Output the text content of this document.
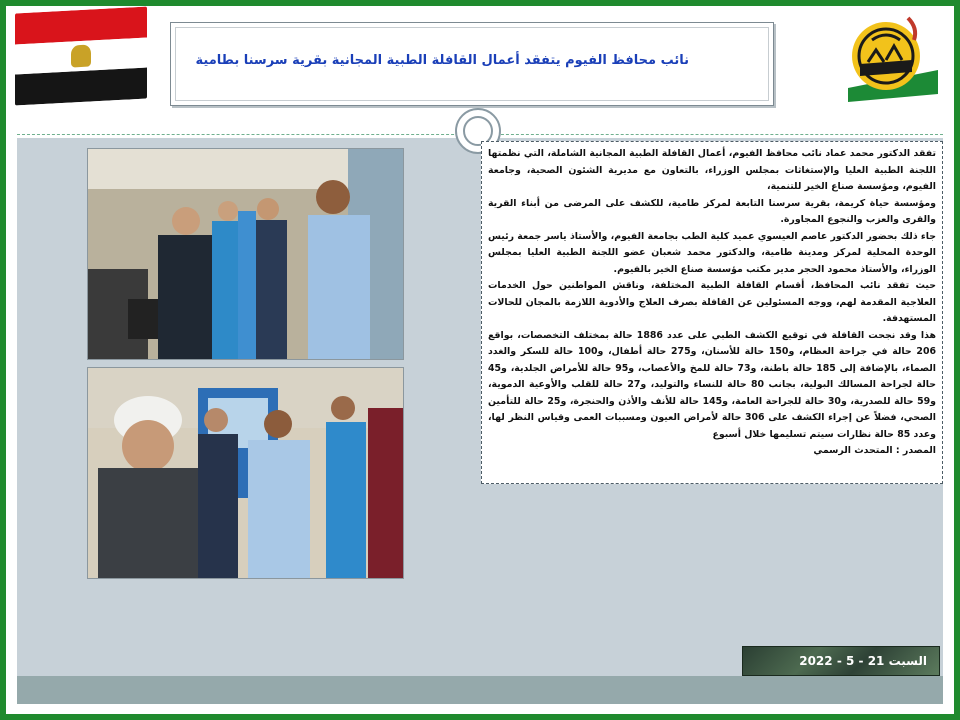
نائب محافظ الفيوم يتفقد أعمال القافلة الطبية المجانية بقرية سرسنا بطامية

تفقد الدكتور محمد عماد نائب محافظ الفيوم، أعمال القافلة الطبية المجانية الشاملة، التي نظمتها اللجنة الطبية العليا والإستغاثات بمجلس الوزراء، بالتعاون مع مديرية الشئون الصحية، وجامعة الفيوم، ومؤسسة صناع الخير للتنمية،

ومؤسسة حياة كريمة، بقرية سرسنا التابعة لمركز طامية، للكشف على المرضى من أبناء القرية والقرى والعزب والنجوع المجاورة.

جاء ذلك بحضور الدكتور عاصم العيسوي عميد كلية الطب بجامعة الفيوم، والأستاذ ياسر جمعة رئيس الوحدة المحلية لمركز ومدينة طامية، والدكتور محمد شعبان عضو اللجنة الطبية العليا بمجلس الوزراء، والأستاذ محمود الحجر مدير مكتب مؤسسة صناع الخير بالفيوم.

حيث تفقد نائب المحافظ، أقسام القافلة الطبية المختلفة، وناقش المواطنين حول الخدمات العلاجية المقدمة لهم، ووجه المسئولين عن القافلة بصرف العلاج والأدوية اللازمة بالمجان للحالات المستهدفة.

هذا وقد نجحت القافلة في توقيع الكشف الطبي على عدد 1886 حالة بمختلف التخصصات، بواقع 206 حالة في جراحة العظام، و150 حالة للأسنان، و275 حالة أطفال، و100 حالة للسكر والغدد الصماء، بالإضافة إلى 185 حالة باطنة، و73 حالة للمخ والأعصاب، و95 حالة للأمراض الجلدية، و45 حالة لجراحة المسالك البولية، بجانب 80 حالة للنساء والتوليد، و27 حالة للقلب والأوعية الدموية، و59 حالة للصدرية، و30 حالة للجراحة العامة، و145 حالة للأنف والأذن والحنجرة، و25 حالة للتأمين الصحي، فضلاً عن إجراء الكشف على 306 حالة لأمراض العيون ومسببات العمى وقياس النظر لها، وعدد 85 حالة نظارات سيتم تسليمها خلال أسبوع

المصدر : المتحدث الرسمي

السبت 21 - 5 - 2022
